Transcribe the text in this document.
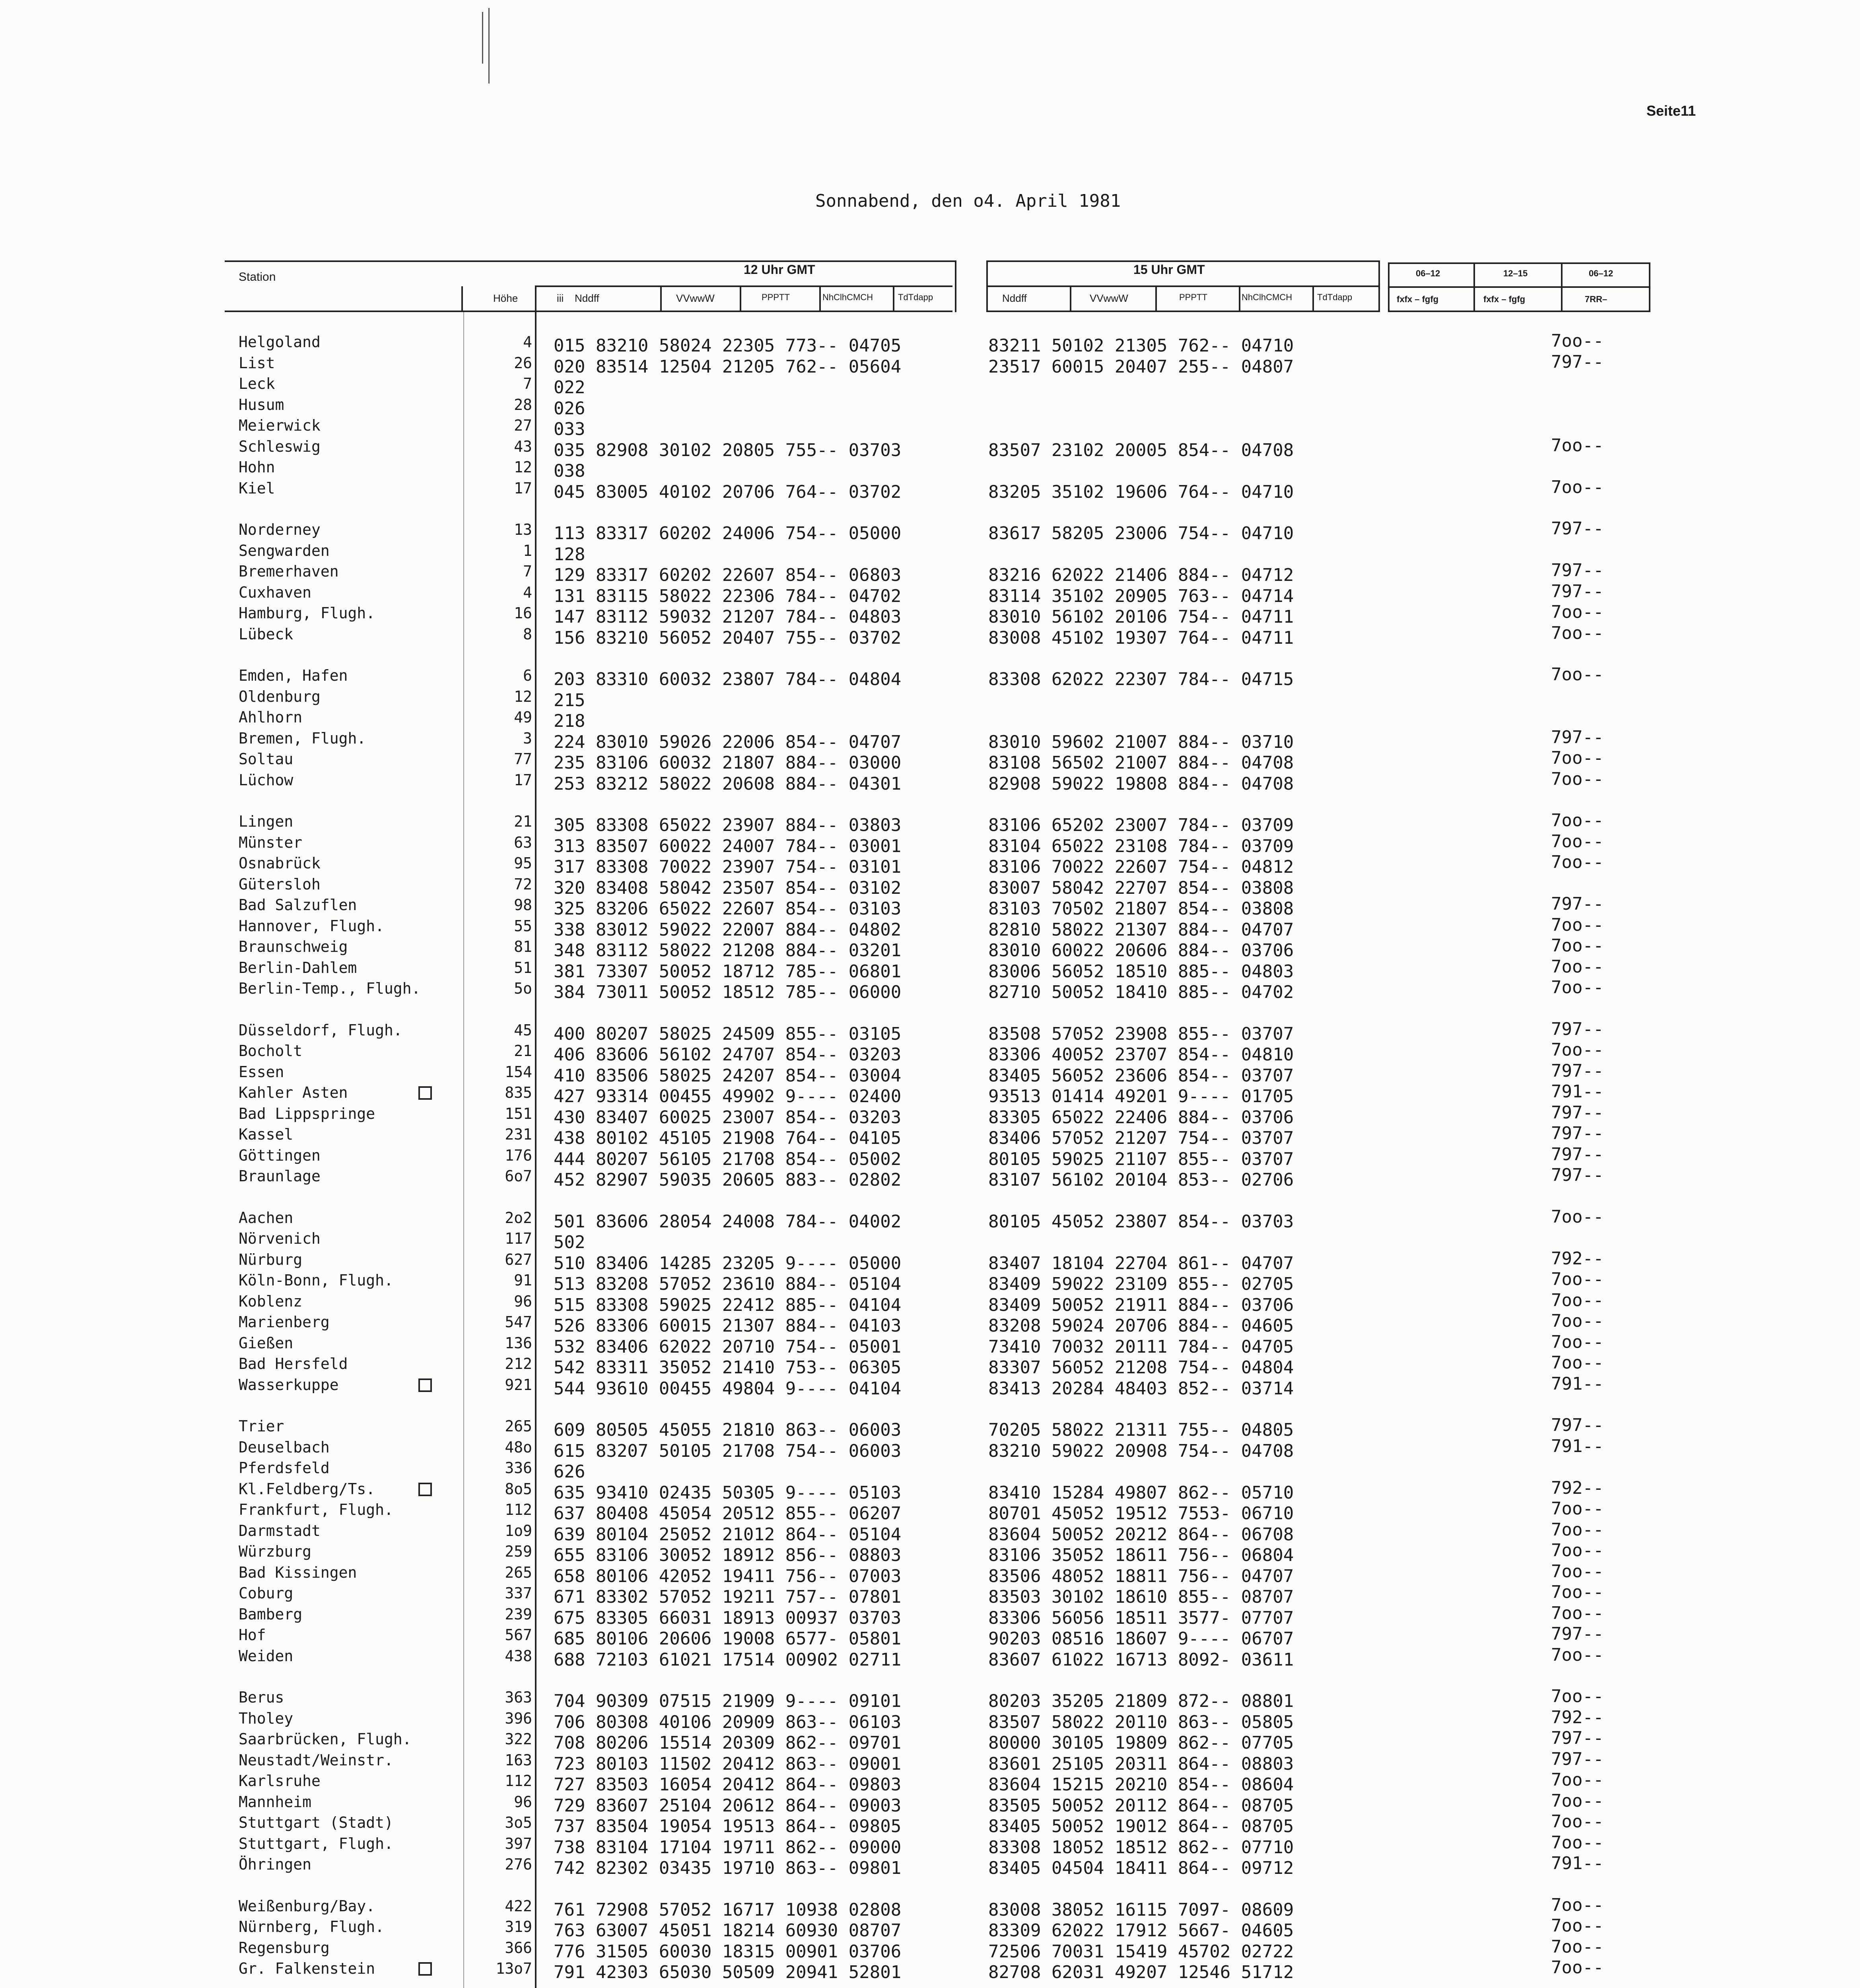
Seite11
Sonnabend, den o4. April 1981
Station
Höhe	iii
12 Uhr GMT
Nddff	VVwwW	PPPTT	NhClhCMCH	TdTdapp
15 Uhr GMT
Nddff	VVwwW	PPPTT	NhClhCMCH	TdTdapp
06–12	12–15	06–12
fxfx – fgfg	fxfx – fgfg	7RR–
Helgoland	4 015 83210 58024 22305 773-- 04705	83211 50102 21305 762-- 04710	7oo--
List	26 020 83514 12504 21205 762-- 05604	23517 60015 20407 255-- 04807	797--
Leck	7 022
Husum	28 026
Meierwick	27 033
Schleswig	43 035 82908 30102 20805 755-- 03703	83507 23102 20005 854-- 04708	7oo--
Hohn	12 038
Kiel	17 045 83005 40102 20706 764-- 03702	83205 35102 19606 764-- 04710	7oo--
Norderney	13 113 83317 60202 24006 754-- 05000	83617 58205 23006 754-- 04710	797--
Sengwarden	1 128
Bremerhaven	7 129 83317 60202 22607 854-- 06803	83216 62022 21406 884-- 04712	797--
Cuxhaven	4 131 83115 58022 22306 784-- 04702	83114 35102 20905 763-- 04714	797--
Hamburg, Flugh.	16 147 83112 59032 21207 784-- 04803	83010 56102 20106 754-- 04711	7oo--
Lübeck	8 156 83210 56052 20407 755-- 03702	83008 45102 19307 764-- 04711	7oo--
Emden, Hafen	6 203 83310 60032 23807 784-- 04804	83308 62022 22307 784-- 04715	7oo--
Oldenburg	12 215
Ahlhorn	49 218
Bremen, Flugh.	3 224 83010 59026 22006 854-- 04707	83010 59602 21007 884-- 03710	797--
Soltau	77 235 83106 60032 21807 884-- 03000	83108 56502 21007 884-- 04708	7oo--
Lüchow	17 253 83212 58022 20608 884-- 04301	82908 59022 19808 884-- 04708	7oo--
Lingen	21 305 83308 65022 23907 884-- 03803	83106 65202 23007 784-- 03709	7oo--
Münster	63 313 83507 60022 24007 784-- 03001	83104 65022 23108 784-- 03709	7oo--
Osnabrück	95 317 83308 70022 23907 754-- 03101	83106 70022 22607 754-- 04812	7oo--
Gütersloh	72 320 83408 58042 23507 854-- 03102	83007 58042 22707 854-- 03808
Bad Salzuflen	98 325 83206 65022 22607 854-- 03103	83103 70502 21807 854-- 03808	797--
Hannover, Flugh.	55 338 83012 59022 22007 884-- 04802	82810 58022 21307 884-- 04707	7oo--
Braunschweig	81 348 83112 58022 21208 884-- 03201	83010 60022 20606 884-- 03706	7oo--
Berlin-Dahlem	51 381 73307 50052 18712 785-- 06801	83006 56052 18510 885-- 04803	7oo--
Berlin-Temp., Flugh.	5o 384 73011 50052 18512 785-- 06000	82710 50052 18410 885-- 04702	7oo--
Düsseldorf, Flugh.	45 400 80207 58025 24509 855-- 03105	83508 57052 23908 855-- 03707	797--
Bocholt	21 406 83606 56102 24707 854-- 03203	83306 40052 23707 854-- 04810	7oo--
Essen	154 410 83506 58025 24207 854-- 03004	83405 56052 23606 854-- 03707	797--
Kahler Asten	835 427 93314 00455 49902 9---- 02400	93513 01414 49201 9---- 01705	791--
Bad Lippspringe	151 430 83407 60025 23007 854-- 03203	83305 65022 22406 884-- 03706	797--
Kassel	231 438 80102 45105 21908 764-- 04105	83406 57052 21207 754-- 03707	797--
Göttingen	176 444 80207 56105 21708 854-- 05002	80105 59025 21107 855-- 03707	797--
Braunlage	6o7 452 82907 59035 20605 883-- 02802	83107 56102 20104 853-- 02706	797--
Aachen	2o2 501 83606 28054 24008 784-- 04002	80105 45052 23807 854-- 03703	7oo--
Nörvenich	117 502
Nürburg	627 510 83406 14285 23205 9---- 05000	83407 18104 22704 861-- 04707	792--
Köln-Bonn, Flugh.	91 513 83208 57052 23610 884-- 05104	83409 59022 23109 855-- 02705	7oo--
Koblenz	96 515 83308 59025 22412 885-- 04104	83409 50052 21911 884-- 03706	7oo--
Marienberg	547 526 83306 60015 21307 884-- 04103	83208 59024 20706 884-- 04605	7oo--
Gießen	136 532 83406 62022 20710 754-- 05001	73410 70032 20111 784-- 04705	7oo--
Bad Hersfeld	212 542 83311 35052 21410 753-- 06305	83307 56052 21208 754-- 04804	7oo--
Wasserkuppe	921 544 93610 00455 49804 9---- 04104	83413 20284 48403 852-- 03714	791--
Trier	265 609 80505 45055 21810 863-- 06003	70205 58022 21311 755-- 04805	797--
Deuselbach	48o 615 83207 50105 21708 754-- 06003	83210 59022 20908 754-- 04708	791--
Pferdsfeld	336 626
Kl.Feldberg/Ts.	8o5 635 93410 02435 50305 9---- 05103	83410 15284 49807 862-- 05710	792--
Frankfurt, Flugh.	112 637 80408 45054 20512 855-- 06207	80701 45052 19512 7553- 06710	7oo--
Darmstadt	1o9 639 80104 25052 21012 864-- 05104	83604 50052 20212 864-- 06708	7oo--
Würzburg	259 655 83106 30052 18912 856-- 08803	83106 35052 18611 756-- 06804	7oo--
Bad Kissingen	265 658 80106 42052 19411 756-- 07003	83506 48052 18811 756-- 04707	7oo--
Coburg	337 671 83302 57052 19211 757-- 07801	83503 30102 18610 855-- 08707	7oo--
Bamberg	239 675 83305 66031 18913 00937 03703	83306 56056 18511 3577- 07707	7oo--
Hof	567 685 80106 20606 19008 6577- 05801	90203 08516 18607 9---- 06707	797--
Weiden	438 688 72103 61021 17514 00902 02711	83607 61022 16713 8092- 03611	7oo--
Berus	363 704 90309 07515 21909 9---- 09101	80203 35205 21809 872-- 08801	7oo--
Tholey	396 706 80308 40106 20909 863-- 06103	83507 58022 20110 863-- 05805	792--
Saarbrücken, Flugh.	322 708 80206 15514 20309 862-- 09701	80000 30105 19809 862-- 07705	797--
Neustadt/Weinstr.	163 723 80103 11502 20412 863-- 09001	83601 25105 20311 864-- 08803	797--
Karlsruhe	112 727 83503 16054 20412 864-- 09803	83604 15215 20210 854-- 08604	7oo--
Mannheim	96 729 83607 25104 20612 864-- 09003	83505 50052 20112 864-- 08705	7oo--
Stuttgart (Stadt)	3o5 737 83504 19054 19513 864-- 09805	83405 50052 19012 864-- 08705	7oo--
Stuttgart, Flugh.	397 738 83104 17104 19711 862-- 09000	83308 18052 18512 862-- 07710	7oo--
Öhringen	276 742 82302 03435 19710 863-- 09801	83405 04504 18411 864-- 09712	791--
Weißenburg/Bay.	422 761 72908 57052 16717 10938 02808	83008 38052 16115 7097- 08609	7oo--
Nürnberg, Flugh.	319 763 63007 45051 18214 60930 08707	83309 62022 17912 5667- 04605	7oo--
Regensburg	366 776 31505 60030 18315 00901 03706	72506 70031 15419 45702 02722	7oo--
Gr. Falkenstein	13o7 791 42303 65030 50509 20941 52801	82708 62031 49207 12546 51712	7oo--
